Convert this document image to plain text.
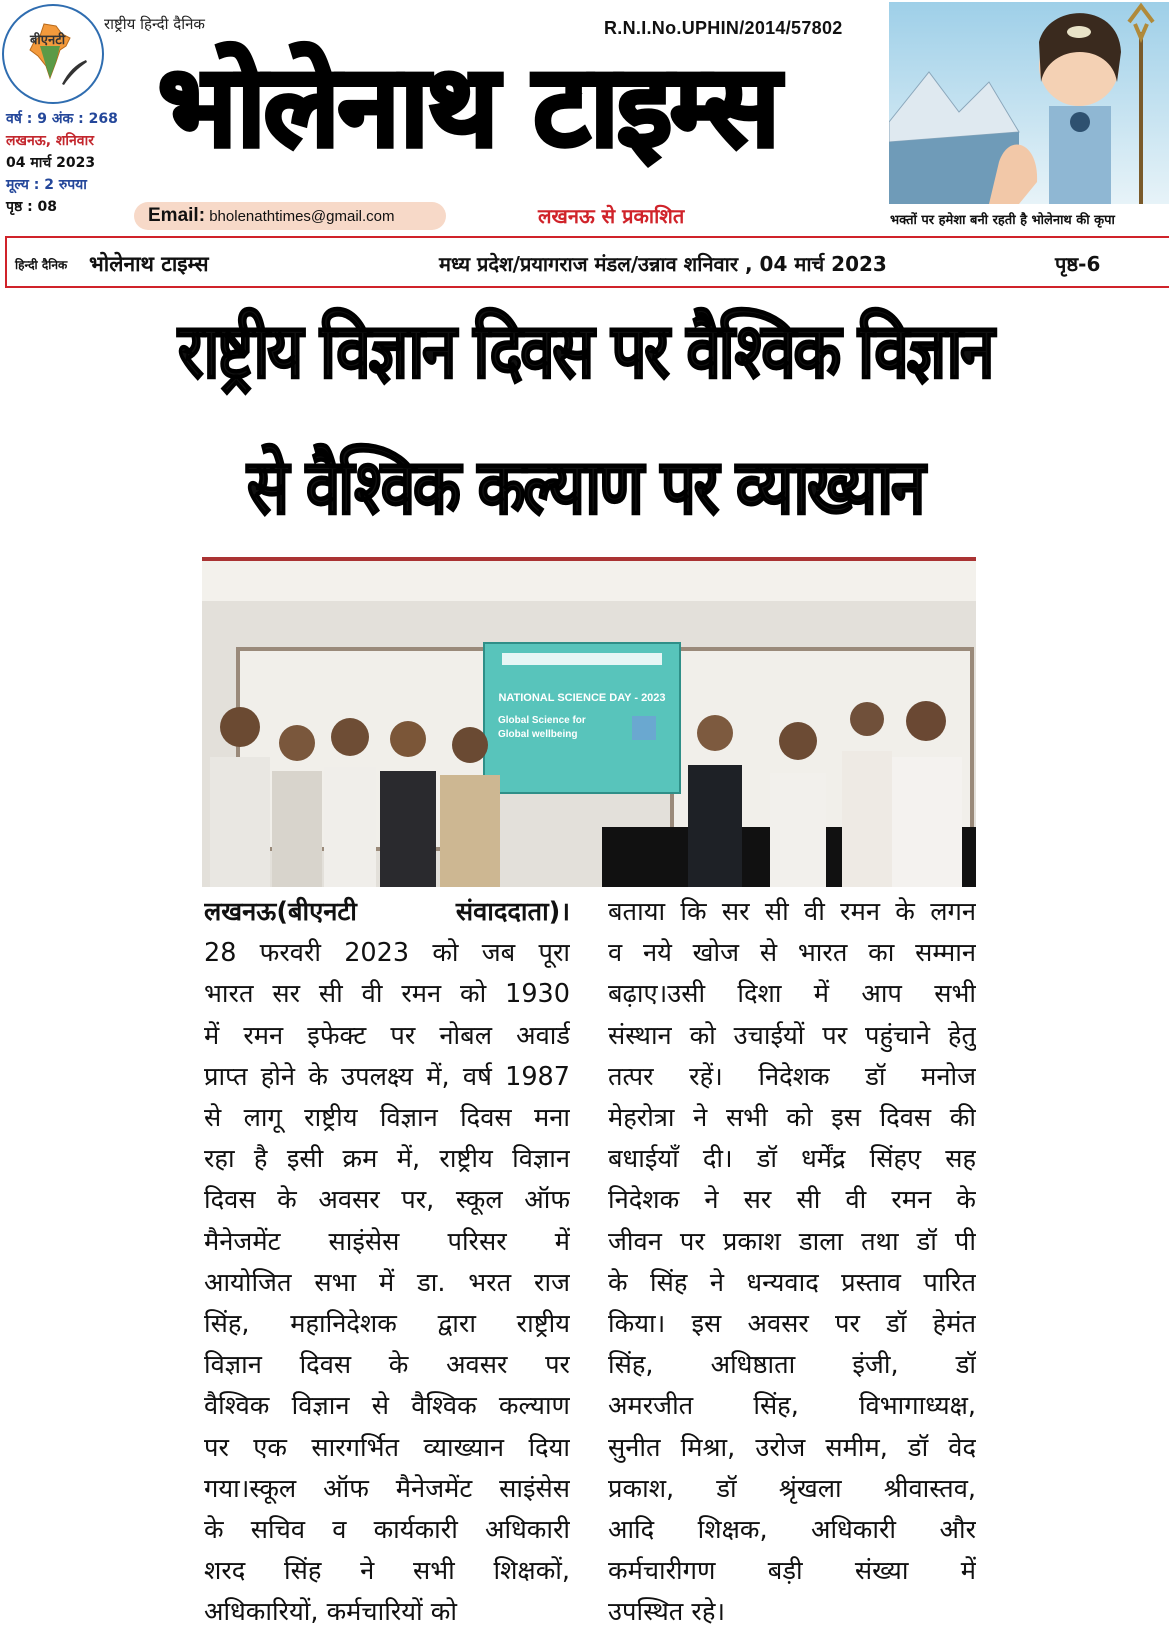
बीएनटी
राष्ट्रीय हिन्दी दैनिक
वर्ष : 9 अंक : 268
लखनऊ, शनिवार
04 मार्च 2023
मूल्य : 2 रुपया
पृष्ठ : 08
R.N.I.No.UPHIN/2014/57802
भोलेनाथ टाइम्स
Email: bholenathtimes@gmail.com	लखनऊ से प्रकाशित	भक्तों पर हमेशा बनी रहती है भोलेनाथ की कृपा
हिन्दी दैनिक भोलेनाथ टाइम्स	मध्य प्रदेश/प्रयागराज मंडल/उन्नाव शनिवार , 04 मार्च 2023	पृष्ठ-6
राष्ट्रीय विज्ञान दिवस पर वैश्विक विज्ञान
से वैश्विक कल्याण पर व्याख्यान
NATIONAL SCIENCE DAY - 2023
Global Science for
Global wellbeing
लखनऊ(बीएनटी संवाददाता)।
28 फरवरी 2023 को जब पूरा
भारत सर सी वी रमन को 1930
में रमन इफेक्ट पर नोबल अवार्ड
प्राप्त होने के उपलक्ष्य में, वर्ष 1987
से लागू राष्ट्रीय विज्ञान दिवस मना
रहा है इसी क्रम में, राष्ट्रीय विज्ञान
दिवस के अवसर पर, स्कूल ऑफ
मैनेजमेंट साइंसेस परिसर में
आयोजित सभा में डा. भरत राज
सिंह, महानिदेशक द्वारा राष्ट्रीय
विज्ञान दिवस के अवसर पर
वैश्विक विज्ञान से वैश्विक कल्याण
पर एक सारगर्भित व्याख्यान दिया
गया।स्कूल ऑफ मैनेजमेंट साइंसेस
के सचिव व कार्यकारी अधिकारी
शरद सिंह ने सभी शिक्षकों,
अधिकारियों, कर्मचारियों को
बताया कि सर सी वी रमन के लगन
व नये खोज से भारत का सम्मान
बढ़ाए।उसी दिशा में आप सभी
संस्थान को उचाईयों पर पहुंचाने हेतु
तत्पर रहें। निदेशक डॉ मनोज
मेहरोत्रा ने सभी को इस दिवस की
बधाईयाँ दी। डॉ धर्मेंद्र सिंहए सह
निदेशक ने सर सी वी रमन के
जीवन पर प्रकाश डाला तथा डॉ पी
के सिंह ने धन्यवाद प्रस्ताव पारित
किया। इस अवसर पर डॉ हेमंत
सिंह, अधिष्ठाता इंजी, डॉ
अमरजीत सिंह, विभागाध्यक्ष,
सुनीत मिश्रा, उरोज समीम, डॉ वेद
प्रकाश, डॉ श्रृंखला श्रीवास्तव,
आदि शिक्षक, अधिकारी और
कर्मचारीगण बड़ी संख्या में
उपस्थित रहे।
